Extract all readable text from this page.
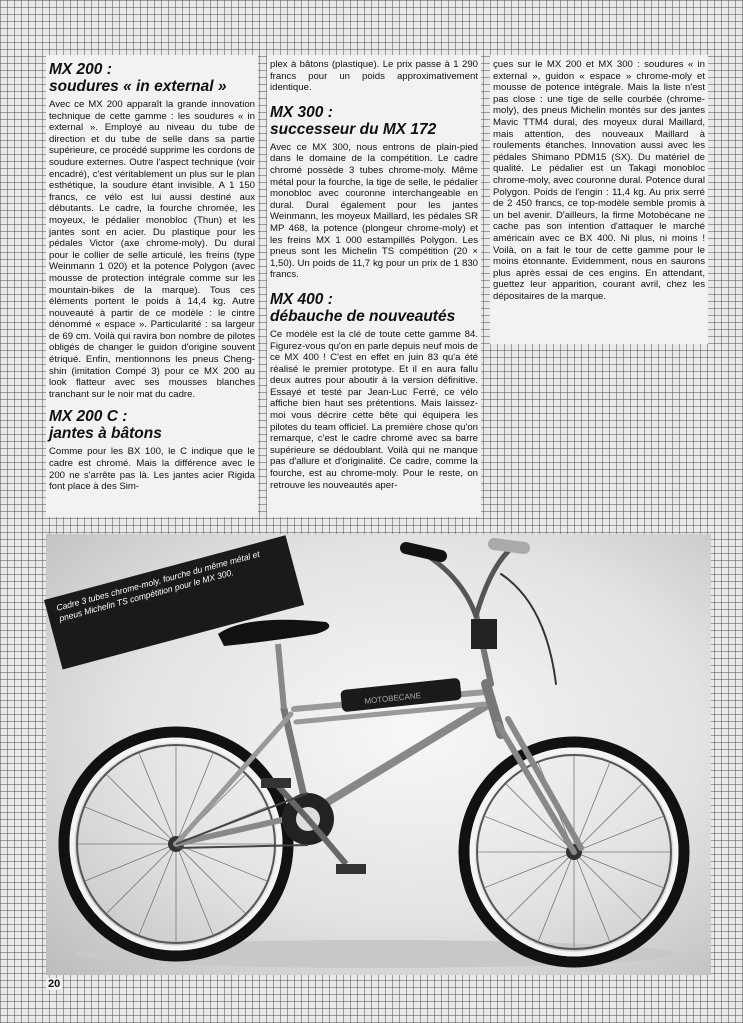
MX 200 :
soudures « in external »

Avec ce MX 200 apparaît la grande innovation technique de cette gamme : les soudures « in external ». Employé au niveau du tube de direction et du tube de selle dans sa partie supérieure, ce procédé supprime les cordons de soudure externes. Outre l'aspect technique (voir encadré), c'est véritablement un plus sur le plan esthétique, la soudure étant invisible. A 1 150 francs, ce vélo est lui aussi destiné aux débutants. Le cadre, la fourche chromée, les moyeux, le pédalier monobloc (Thun) et les jantes sont en acier. Du plastique pour les pédales Victor (axe chrome-moly). Du dural pour le collier de selle articulé, les freins (type Weinmann 1 020) et la potence Polygon (avec mousse de protection intégrale comme sur les mountain-bikes de la marque). Tous ces éléments portent le poids à 14,4 kg. Autre nouveauté à partir de ce modèle : le cintre dénommé « espace ». Particularité : sa largeur de 69 cm. Voilà qui ravira bon nombre de pilotes obligés de changer le guidon d'origine souvent étriqué. Enfin, mentionnons les pneus Cheng-shin (imitation Compé 3) pour ce MX 200 au look flatteur avec ses mousses blanches tranchant sur le noir mat du cadre.

MX 200 C :
jantes à bâtons

Comme pour les BX 100, le C indique que le cadre est chromé. Mais la différence avec le 200 ne s'arrête pas là. Les jantes acier Rigida font place à des Sim-

plex à bâtons (plastique). Le prix passe à 1 290 francs pour un poids approximativement identique.

MX 300 :
successeur du MX 172

Avec ce MX 300, nous entrons de plain-pied dans le domaine de la compétition. Le cadre chromé possède 3 tubes chrome-moly. Même métal pour la fourche, la tige de selle, le pédalier monobloc avec couronne interchangeable en dural. Dural également pour les jantes Weinmann, les moyeux Maillard, les pédales SR MP 468, la potence (plongeur chrome-moly) et les freins MX 1 000 estampillés Polygon. Les pneus sont les Michelin TS compétition (20 × 1,50). Un poids de 11,7 kg pour un prix de 1 830 francs.

MX 400 :
débauche de nouveautés

Ce modèle est la clé de toute cette gamme 84. Figurez-vous qu'on en parle depuis neuf mois de ce MX 400 ! C'est en effet en juin 83 qu'a été réalisé le premier prototype. Et il en aura fallu deux autres pour aboutir à la version définitive. Essayé et testé par Jean-Luc Ferré, ce vélo affiche bien haut ses prétentions. Mais laissez-moi vous décrire cette bête qui équipera les pilotes du team officiel. La première chose qu'on remarque, c'est le cadre chromé avec sa barre supérieure se dédoublant. Voilà qui ne manque pas d'allure et d'originalité. Ce cadre, comme la fourche, est au chrome-moly. Pour le reste, on retrouve les nouveautés aper-

çues sur le MX 200 et MX 300 : soudures « in external », guidon « espace » chrome-moly et mousse de potence intégrale. Mais la liste n'est pas close : une tige de selle courbée (chrome-moly), des pneus Michelin montés sur des jantes Mavic TTM4 dural, des moyeux dural Maillard, mais attention, des nouveaux Maillard à roulements étanches. Innovation aussi avec les pédales Shimano PDM15 (SX). Du matériel de qualité. Le pédalier est un Takagi monobloc chrome-moly, avec couronne dural. Potence dural Polygon. Poids de l'engin : 11,4 kg. Au prix serré de 2 450 francs, ce top-modèle semble promis à un bel avenir. D'ailleurs, la firme Motobécane ne cache pas son intention d'attaquer le marché américain avec ce BX 400. Ni plus, ni moins ! Voilà, on a fait le tour de cette gamme pour le moins étonnante. Evidemment, nous en saurons plus après essai de ces engins. En attendant, guettez leur apparition, courant avril, chez les dépositaires de la marque.

MOTOBECANE
Cadre 3 tubes chrome-moly, fourche du même métal et pneus Michelin TS compétition pour le MX 300.
20
